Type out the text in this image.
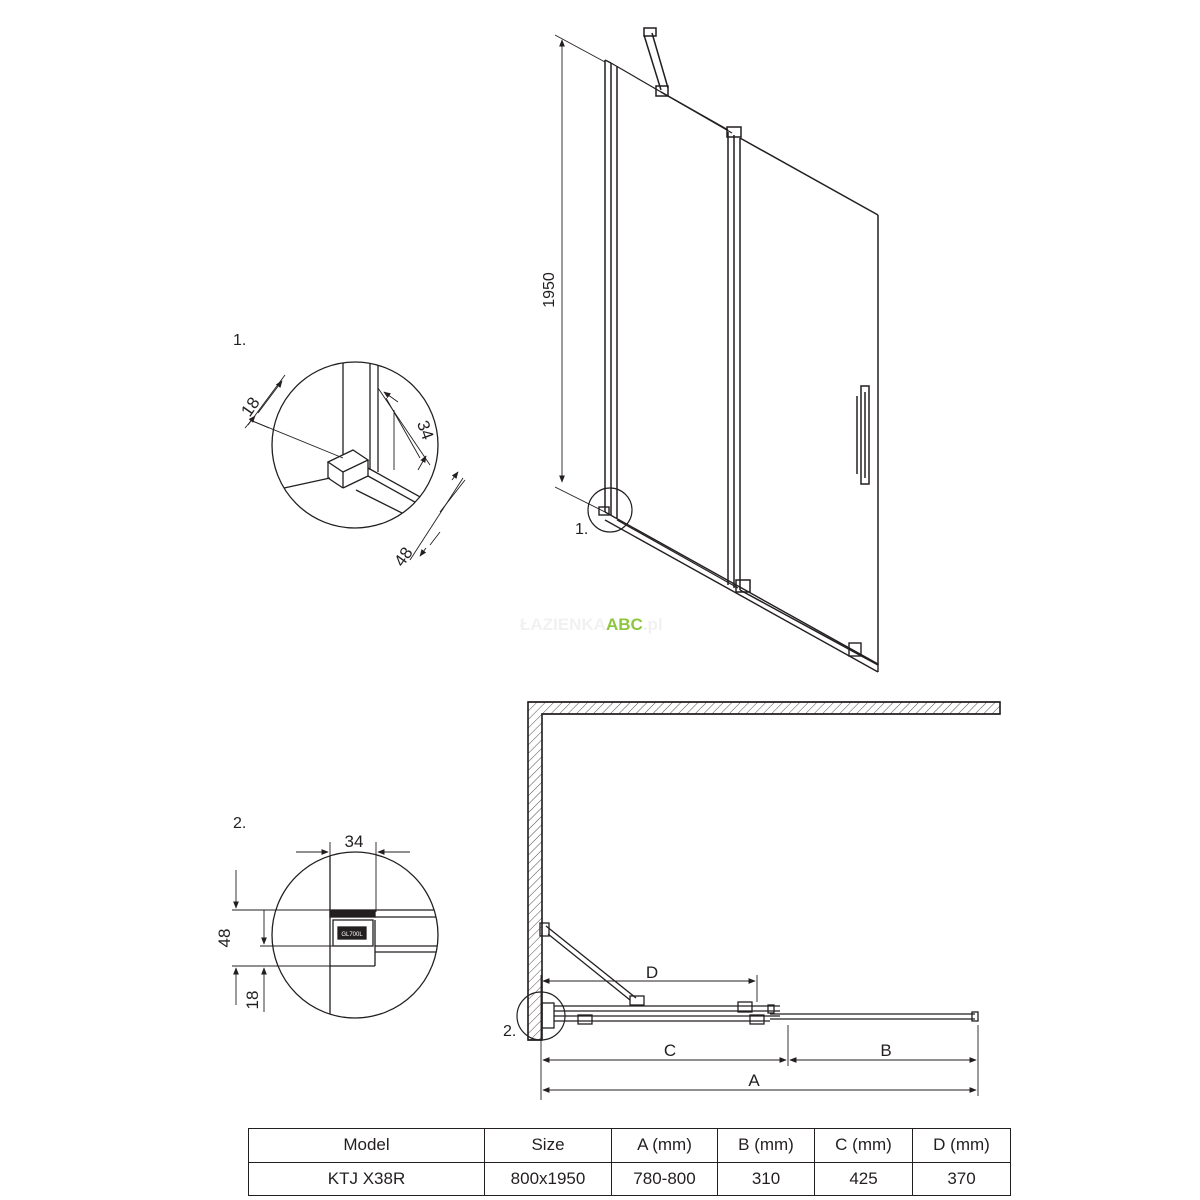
1950
1.
ŁAZIENKAABC.pl
1.
18
34
48
2.
GL700L
34
48
18
D
C	B
A
2.
Model	Size	A (mm)	B (mm)	C (mm)	D (mm)
KTJ X38R	800x1950	780-800	310	425	370
